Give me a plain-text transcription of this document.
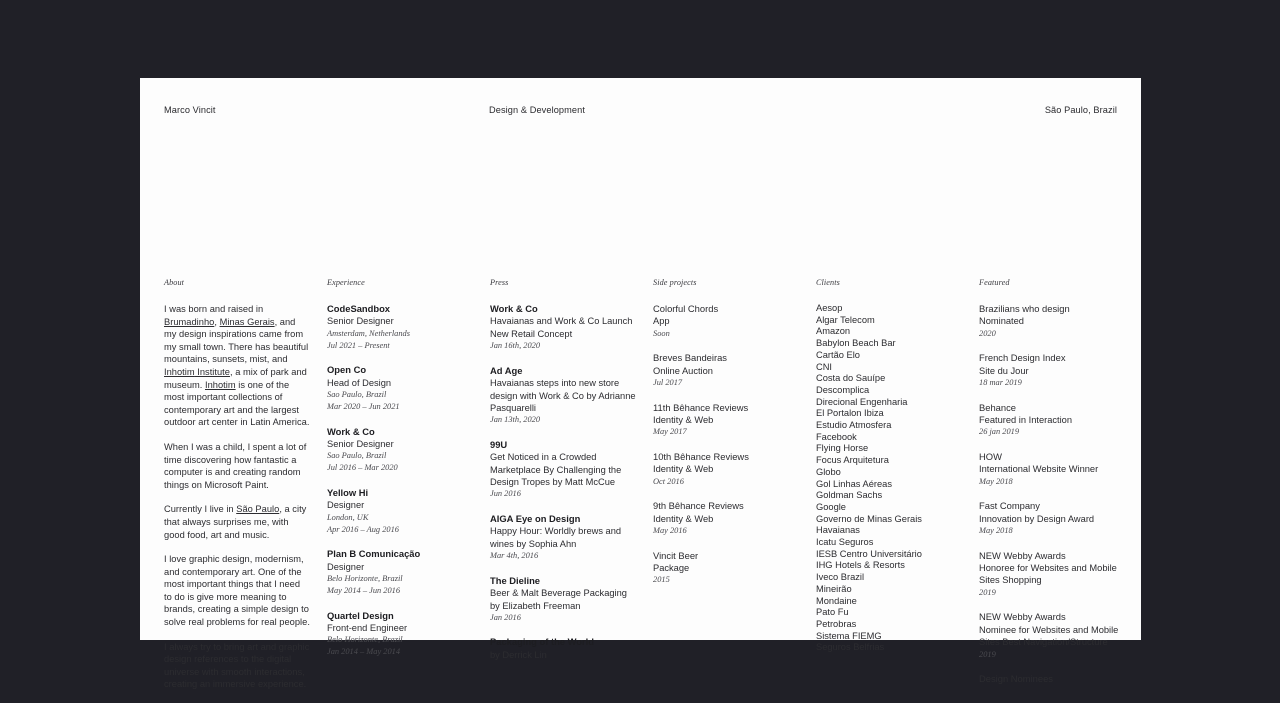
Marco Vincit	Design & Development	São Paulo, Brazil
About
I was born and raised in Brumadinho, Minas Gerais, and my design inspirations came from my small town. There has beautiful mountains, sunsets, mist, and Inhotim Institute, a mix of park and museum. Inhotim is one of the most important collections of contemporary art and the largest outdoor art center in Latin America.
When I was a child, I spent a lot of time discovering how fantastic a computer is and creating random things on Microsoft Paint.
Currently I live in São Paulo, a city that always surprises me, with good food, art and music.
I love graphic design, modernism, and contemporary art. One of the most important things that I need to do is give more meaning to brands, creating a simple design to solve real problems for real people.
I always try to bring art and graphic design references to the digital universe with smooth interactions, creating an immersive experience.
Experience
CodeSandbox
Senior Designer
Amsterdam, Netherlands
Jul 2021 – Present
Open Co
Head of Design
Sao Paulo, Brazil
Mar 2020 – Jun 2021
Work & Co
Senior Designer
Sao Paulo, Brazil
Jul 2016 – Mar 2020
Yellow Hi
Designer
London, UK
Apr 2016 – Aug 2016
Plan B Comunicação
Designer
Belo Horizonte, Brazil
May 2014 – Jun 2016
Quartel Design
Front-end Engineer
Belo Horizonte, Brazil
Jan 2014 – May 2014
Press
Work & Co
Havaianas and Work & Co Launch New Retail Concept
Jan 16th, 2020
Ad Age
Havaianas steps into new store design with Work & Co by Adrianne Pasquarelli
Jan 13th, 2020
99U
Get Noticed in a Crowded Marketplace By Challenging the Design Tropes by Matt McCue
Jun 2016
AIGA Eye on Design
Happy Hour: Worldly brews and wines by Sophia Ahn
Mar 4th, 2016
The Dieline
Beer & Malt Beverage Packaging by Elizabeth Freeman
Jan 2016
Packaging of the World
by Derrick Lin
Side projects
Colorful Chords
App
Soon
Breves Bandeiras
Online Auction
Jul 2017
11th Bêhance Reviews
Identity & Web
May 2017
10th Bêhance Reviews
Identity & Web
Oct 2016
9th Bêhance Reviews
Identity & Web
May 2016
Vincit Beer
Package
2015
Clients
Aesop
Algar Telecom
Amazon
Babylon Beach Bar
Cartão Elo
CNI
Costa do Sauípe
Descomplica
Direcional Engenharia
El Portalon Ibiza
Estudio Atmosfera
Facebook
Flying Horse
Focus Arquitetura
Globo
Gol Linhas Aéreas
Goldman Sachs
Google
Governo de Minas Gerais
Havaianas
Icatu Seguros
IESB Centro Universitário
IHG Hotels & Resorts
Iveco Brazil
Mineirão
Mondaine
Pato Fu
Petrobras
Sistema FIEMG
Seguros Belfrias
Featured
Brazilians who design
Nominated
2020
French Design Index
Site du Jour
18 mar 2019
Behance
Featured in Interaction
26 jan 2019
HOW
International Website Winner
May 2018
Fast Company
Innovation by Design Award
May 2018
NEW Webby Awards
Honoree for Websites and Mobile Sites Shopping
2019
NEW Webby Awards
Nominee for Websites and Mobile Sites Best Navigation/Structure
2019
Design Nominees
